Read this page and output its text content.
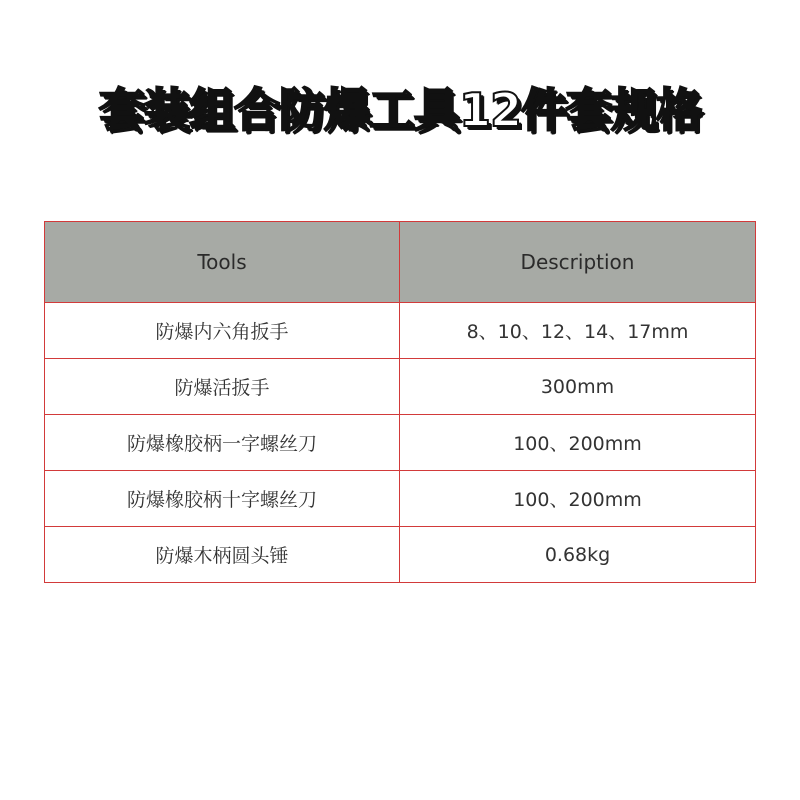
套装组合防爆工具12件套规格
Tools	Description
防爆内六角扳手	8、10、12、14、17mm
防爆活扳手	300mm
防爆橡胶柄一字螺丝刀	100、200mm
防爆橡胶柄十字螺丝刀	100、200mm
防爆木柄圆头锤	0.68kg
